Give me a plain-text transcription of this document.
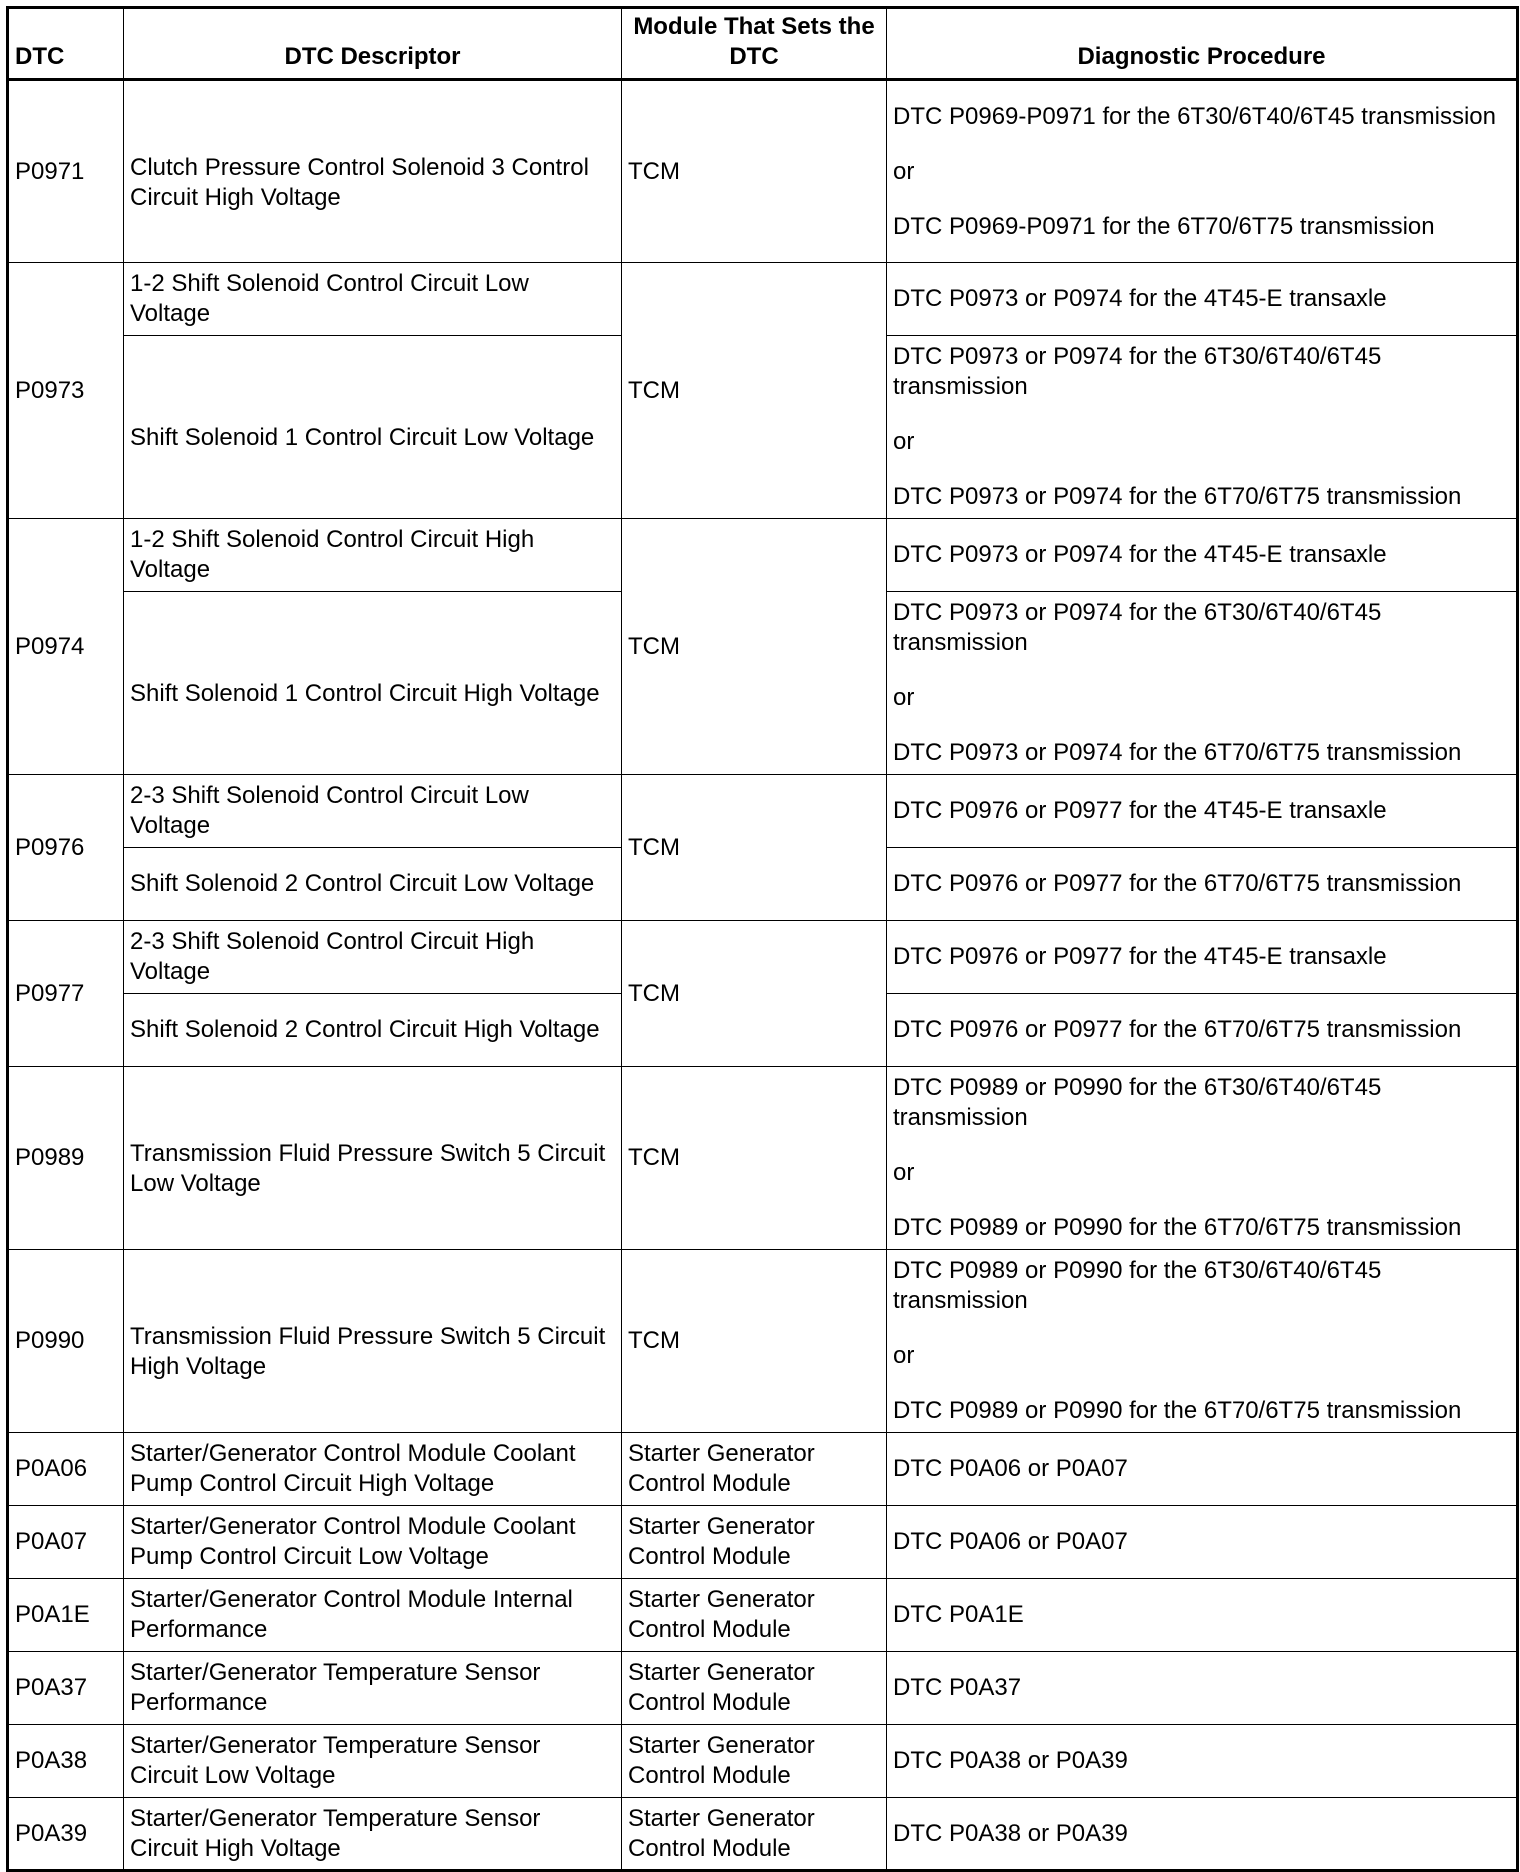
DTC	DTC Descriptor	Module That Sets the DTC	Diagnostic Procedure
P0971	Clutch Pressure Control Solenoid 3 Control Circuit High Voltage	TCM	DTC P0969-P0971 for the 6T30/6T40/6T45 transmission
or
DTC P0969-P0971 for the 6T70/6T75 transmission

P0973	1-2 Shift Solenoid Control Circuit Low Voltage	TCM	DTC P0973 or P0974 for the 4T45-E transaxle

	Shift Solenoid 1 Control Circuit Low Voltage		DTC P0973 or P0974 for the 6T30/6T40/6T45 transmission
or
DTC P0973 or P0974 for the 6T70/6T75 transmission

P0974	1-2 Shift Solenoid Control Circuit High Voltage	TCM	DTC P0973 or P0974 for the 4T45-E transaxle

	Shift Solenoid 1 Control Circuit High Voltage		DTC P0973 or P0974 for the 6T30/6T40/6T45 transmission
or
DTC P0973 or P0974 for the 6T70/6T75 transmission

P0976	2-3 Shift Solenoid Control Circuit Low Voltage	TCM	DTC P0976 or P0977 for the 4T45-E transaxle

	Shift Solenoid 2 Control Circuit Low Voltage		DTC P0976 or P0977 for the 6T70/6T75 transmission

P0977	2-3 Shift Solenoid Control Circuit High Voltage	TCM	DTC P0976 or P0977 for the 4T45-E transaxle

	Shift Solenoid 2 Control Circuit High Voltage		DTC P0976 or P0977 for the 6T70/6T75 transmission

P0989	Transmission Fluid Pressure Switch 5 Circuit Low Voltage	TCM	DTC P0989 or P0990 for the 6T30/6T40/6T45 transmission
or
DTC P0989 or P0990 for the 6T70/6T75 transmission

P0990	Transmission Fluid Pressure Switch 5 Circuit High Voltage	TCM	DTC P0989 or P0990 for the 6T30/6T40/6T45 transmission
or
DTC P0989 or P0990 for the 6T70/6T75 transmission

P0A06	Starter/Generator Control Module Coolant Pump Control Circuit High Voltage	Starter Generator Control Module	DTC P0A06 or P0A07

P0A07	Starter/Generator Control Module Coolant Pump Control Circuit Low Voltage	Starter Generator Control Module	DTC P0A06 or P0A07

P0A1E	Starter/Generator Control Module Internal Performance	Starter Generator Control Module	DTC P0A1E

P0A37	Starter/Generator Temperature Sensor Performance	Starter Generator Control Module	DTC P0A37

P0A38	Starter/Generator Temperature Sensor Circuit Low Voltage	Starter Generator Control Module	DTC P0A38 or P0A39

P0A39	Starter/Generator Temperature Sensor Circuit High Voltage	Starter Generator Control Module	DTC P0A38 or P0A39
